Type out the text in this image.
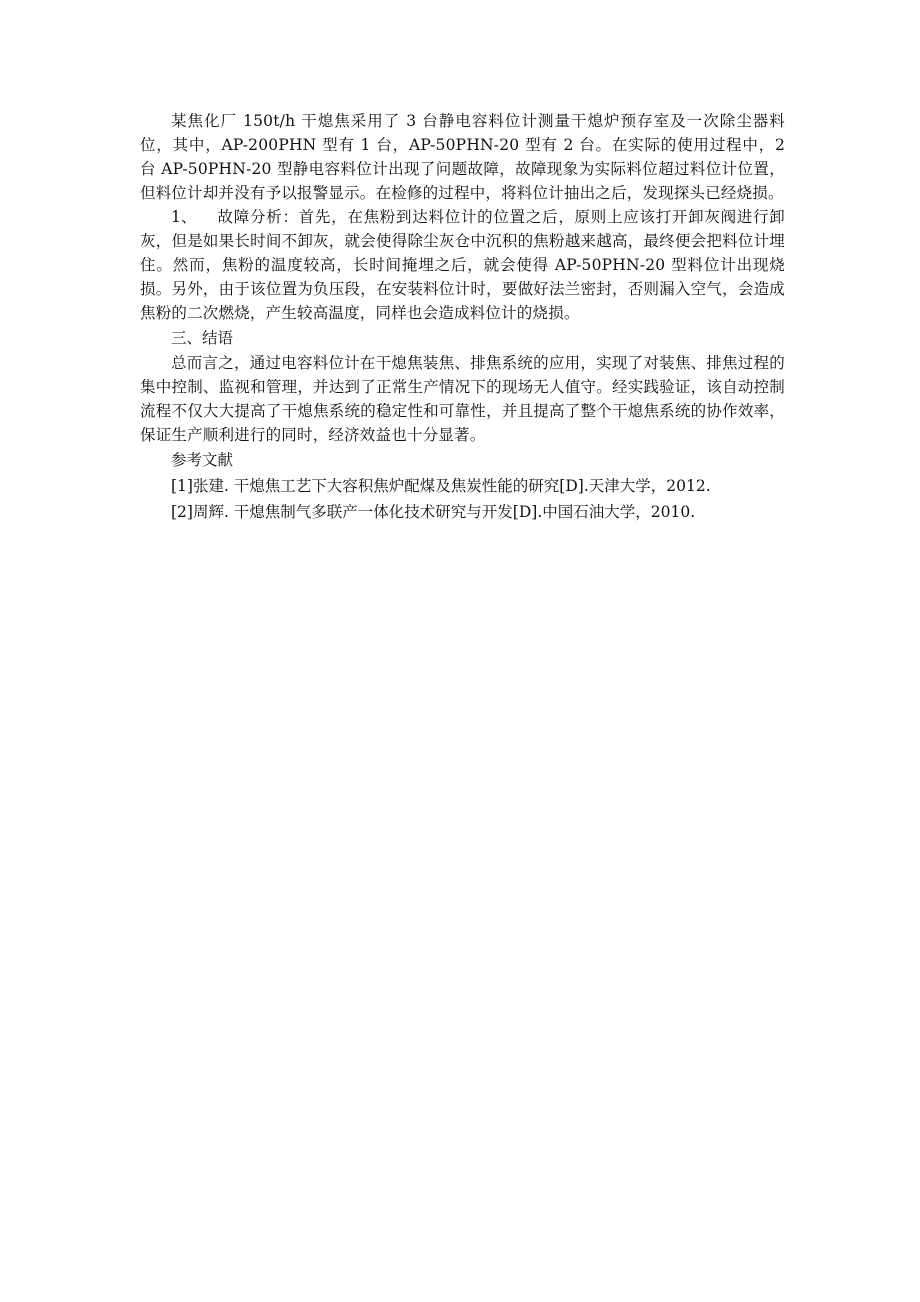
某焦化厂 150t/h 干熄焦采用了 3 台静电容料位计测量干熄炉预存室及一次除尘器料位，其中，AP-200PHN 型有 1 台，AP-50PHN-20 型有 2 台。在实际的使用过程中，2 台 AP-50PHN-20 型静电容料位计出现了问题故障，故障现象为实际料位超过料位计位置，但料位计却并没有予以报警显示。在检修的过程中，将料位计抽出之后，发现探头已经烧损。

1、 故障分析：首先，在焦粉到达料位计的位置之后，原则上应该打开卸灰阀进行卸灰，但是如果长时间不卸灰，就会使得除尘灰仓中沉积的焦粉越来越高，最终便会把料位计埋住。然而，焦粉的温度较高，长时间掩埋之后，就会使得 AP-50PHN-20 型料位计出现烧损。另外，由于该位置为负压段，在安装料位计时，要做好法兰密封，否则漏入空气，会造成焦粉的二次燃烧，产生较高温度，同样也会造成料位计的烧损。

三、结语

总而言之，通过电容料位计在干熄焦装焦、排焦系统的应用，实现了对装焦、排焦过程的集中控制、监视和管理，并达到了正常生产情况下的现场无人值守。经实践验证，该自动控制流程不仅大大提高了干熄焦系统的稳定性和可靠性，并且提高了整个干熄焦系统的协作效率，保证生产顺利进行的同时，经济效益也十分显著。

参考文献

[1]张建. 干熄焦工艺下大容积焦炉配煤及焦炭性能的研究[D].天津大学，2012.

[2]周辉. 干熄焦制气多联产一体化技术研究与开发[D].中国石油大学，2010.
